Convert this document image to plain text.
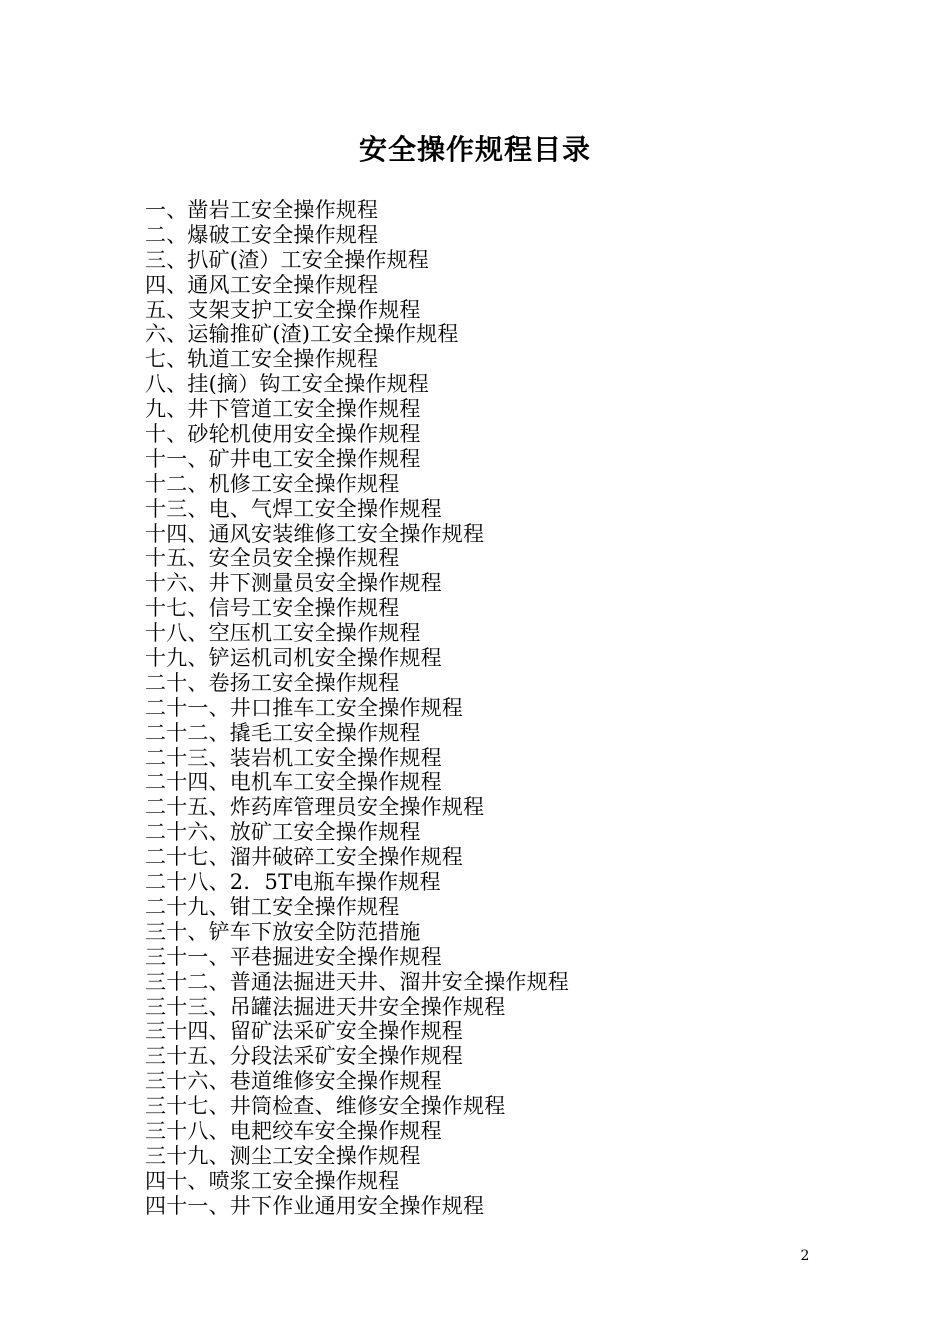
安全操作规程目录
一、凿岩工安全操作规程
二、爆破工安全操作规程
三、扒矿(渣）工安全操作规程
四、通风工安全操作规程
五、支架支护工安全操作规程
六、运输推矿(渣)工安全操作规程
七、轨道工安全操作规程
八、挂(摘）钩工安全操作规程
九、井下管道工安全操作规程
十、砂轮机使用安全操作规程
十一、矿井电工安全操作规程
十二、机修工安全操作规程
十三、电、气焊工安全操作规程
十四、通风安装维修工安全操作规程
十五、安全员安全操作规程
十六、井下测量员安全操作规程
十七、信号工安全操作规程
十八、空压机工安全操作规程
十九、铲运机司机安全操作规程
二十、卷扬工安全操作规程
二十一、井口推车工安全操作规程
二十二、撬毛工安全操作规程
二十三、装岩机工安全操作规程
二十四、电机车工安全操作规程
二十五、炸药库管理员安全操作规程
二十六、放矿工安全操作规程
二十七、溜井破碎工安全操作规程
二十八、2．5T电瓶车操作规程
二十九、钳工安全操作规程
三十、铲车下放安全防范措施
三十一、平巷掘进安全操作规程
三十二、普通法掘进天井、溜井安全操作规程
三十三、吊罐法掘进天井安全操作规程
三十四、留矿法采矿安全操作规程
三十五、分段法采矿安全操作规程
三十六、巷道维修安全操作规程
三十七、井筒检查、维修安全操作规程
三十八、电耙绞车安全操作规程
三十九、测尘工安全操作规程
四十、喷浆工安全操作规程
四十一、井下作业通用安全操作规程
2
